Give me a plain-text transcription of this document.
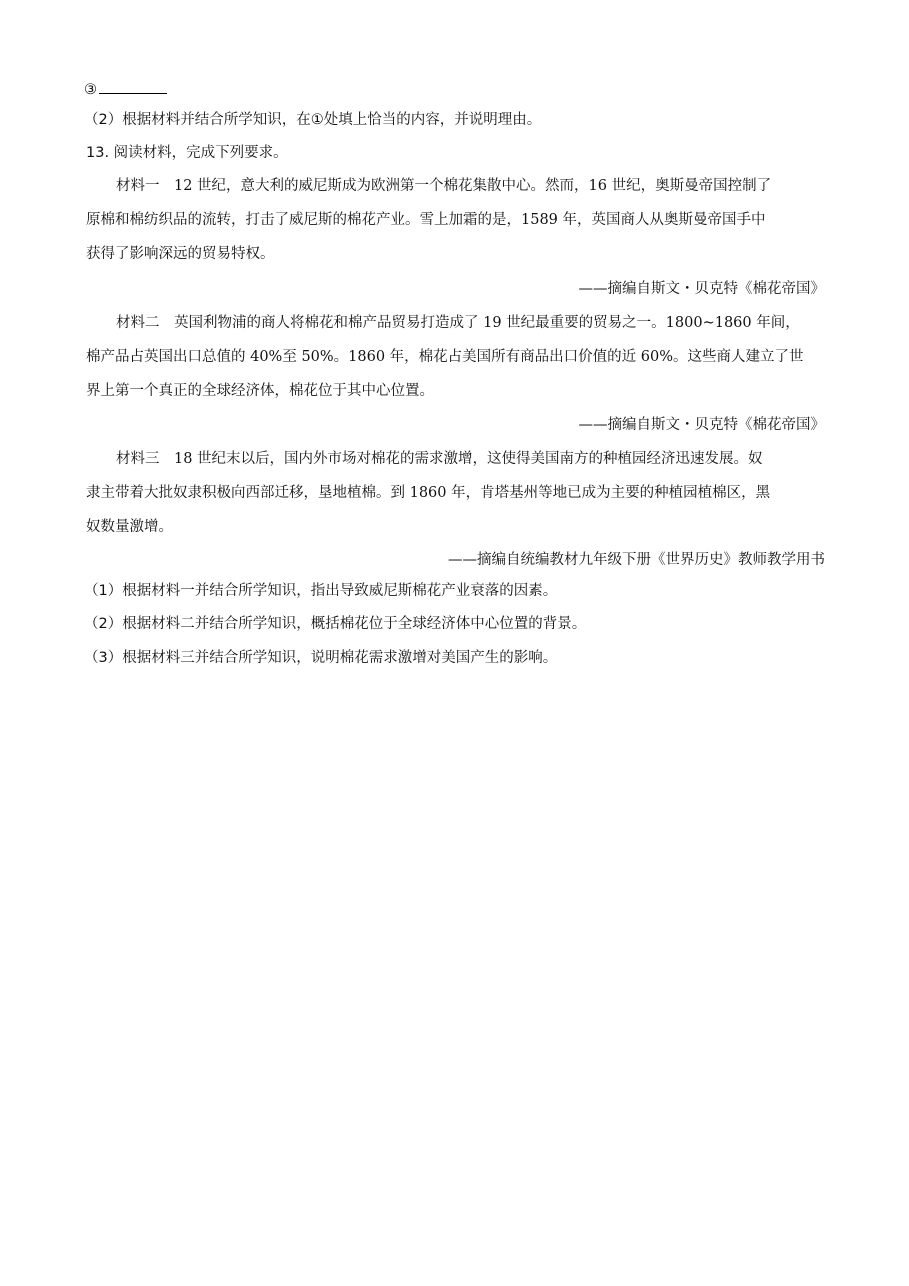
③
（2）根据材料并结合所学知识，在①处填上恰当的内容，并说明理由。
13. 阅读材料，完成下列要求。
材料一　12 世纪，意大利的威尼斯成为欧洲第一个棉花集散中心。然而，16 世纪，奥斯曼帝国控制了
原棉和棉纺织品的流转，打击了威尼斯的棉花产业。雪上加霜的是，1589 年，英国商人从奥斯曼帝国手中
获得了影响深远的贸易特权。
——摘编自斯文・贝克特《棉花帝国》
材料二　英国利物浦的商人将棉花和棉产品贸易打造成了 19 世纪最重要的贸易之一。1800~1860 年间，
棉产品占英国出口总值的 40%至 50%。1860 年，棉花占美国所有商品出口价值的近 60%。这些商人建立了世
界上第一个真正的全球经济体，棉花位于其中心位置。
——摘编自斯文・贝克特《棉花帝国》
材料三　18 世纪末以后，国内外市场对棉花的需求激增，这使得美国南方的种植园经济迅速发展。奴
隶主带着大批奴隶积极向西部迁移，垦地植棉。到 1860 年，肯塔基州等地已成为主要的种植园植棉区，黑
奴数量激增。
——摘编自统编教材九年级下册《世界历史》教师教学用书
（1）根据材料一并结合所学知识，指出导致威尼斯棉花产业衰落的因素。
（2）根据材料二并结合所学知识，概括棉花位于全球经济体中心位置的背景。
（3）根据材料三并结合所学知识，说明棉花需求激增对美国产生的影响。
